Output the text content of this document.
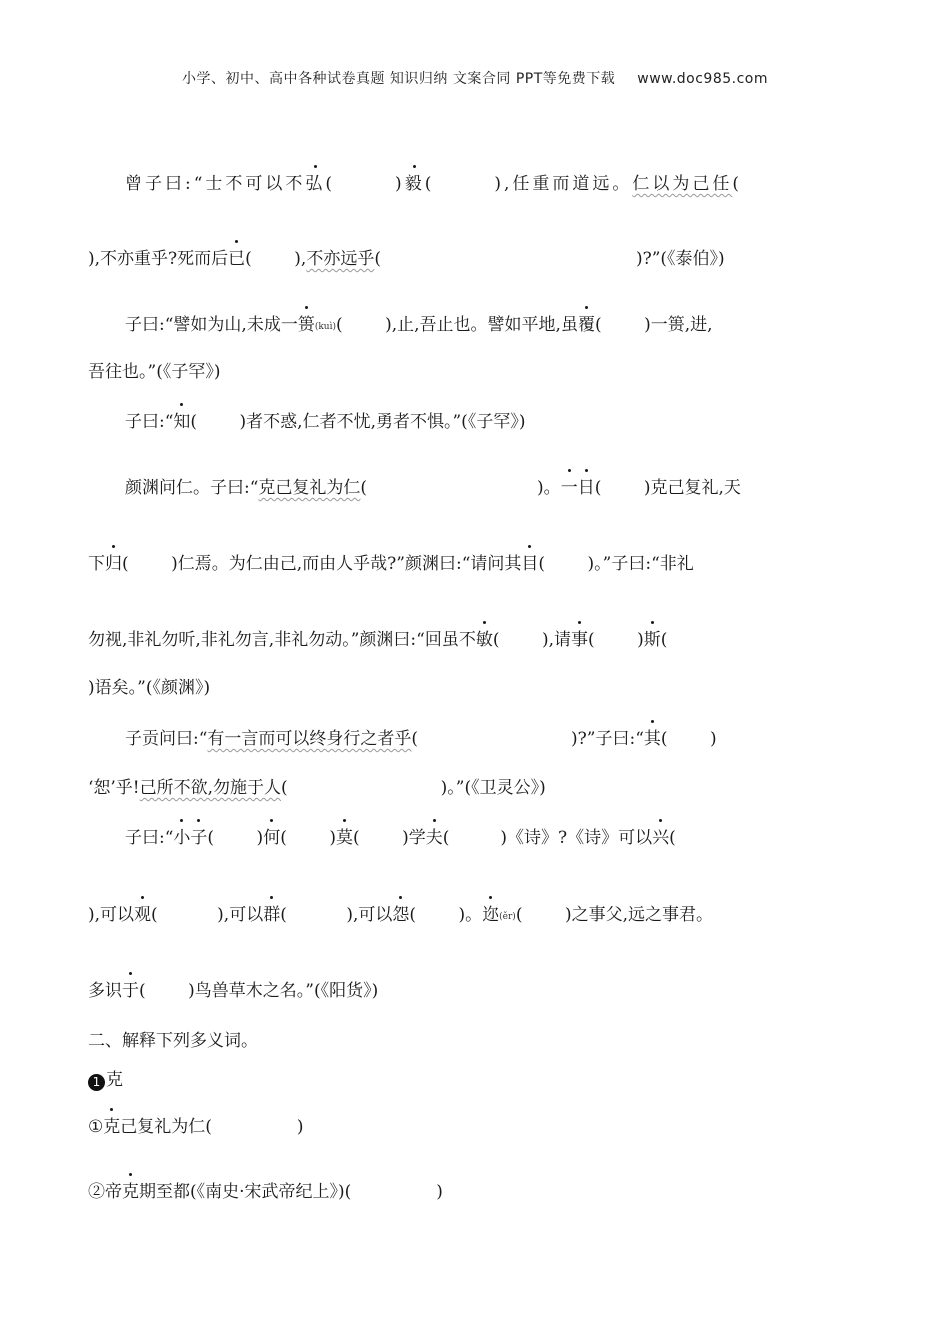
小学、初中、高中各种试卷真题 知识归纳 文案合同 PPT等免费下载 www.doc985.com
曾子曰:“士不可以不弘(   )毅(   ),任重而道远。仁以为己任(
),不亦重乎?死而后已(   ),不亦远乎(               )?”(《泰伯》)
子曰:“譬如为山,未成一篑(kuì)(   ),止,吾止也。譬如平地,虽覆(   )一篑,进,
吾往也。”(《子罕》)
子曰:“知(   )者不惑,仁者不忧,勇者不惧。”(《子罕》)
颜渊问仁。子曰:“克己复礼为仁(          )。一日(   )克己复礼,天
下归(   )仁焉。为仁由己,而由人乎哉?”颜渊曰:“请问其目(   )。”子曰:“非礼
勿视,非礼勿听,非礼勿言,非礼勿动。”颜渊曰:“回虽不敏(   ),请事(   )斯(
)语矣。”(《颜渊》)
子贡问曰:“有一言而可以终身行之者乎(         )?”子曰:“其(   )
‘恕’乎!己所不欲,勿施于人(         )。”(《卫灵公》)
子曰:“小子(   )何(   )莫(   )学夫(   )《诗》?《诗》可以兴(
),可以观(    ),可以群(    ),可以怨(   )。迩(ěr)(   )之事父,远之事君。
多识于(   )鸟兽草木之名。”(《阳货》)
二、解释下列多义词。
1 克
①克己复礼为仁(     )
②帝克期至都(《南史·宋武帝纪上》)(     )
